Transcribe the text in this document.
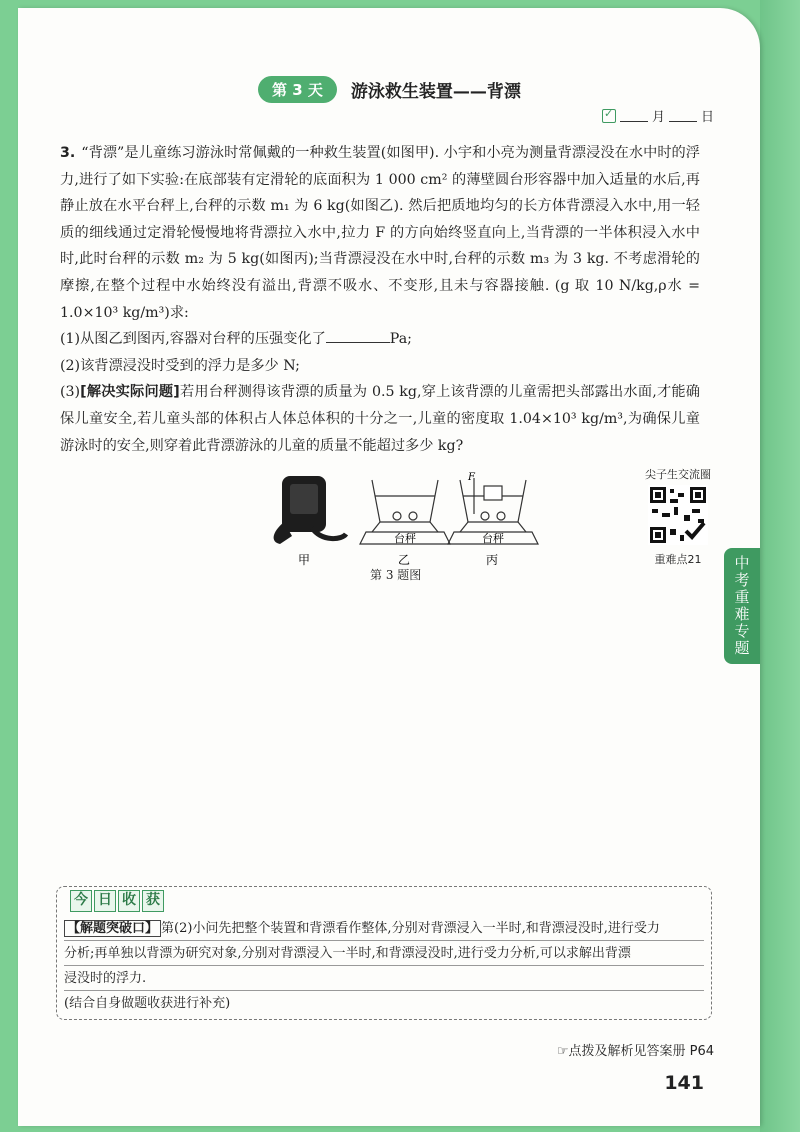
中考重难专题
第 3 天	游泳救生装置——背漂
✓
月	日
3. “背漂”是儿童练习游泳时常佩戴的一种救生装置(如图甲). 小宇和小亮为测量背漂浸没在水中时的浮力,进行了如下实验:在底部装有定滑轮的底面积为 1 000 cm² 的薄壁圆台形容器中加入适量的水后,再静止放在水平台秤上,台秤的示数 m₁ 为 6 kg(如图乙). 然后把质地均匀的长方体背漂浸入水中,用一轻质的细线通过定滑轮慢慢地将背漂拉入水中,拉力 F 的方向始终竖直向上,当背漂的一半体积浸入水中时,此时台秤的示数 m₂ 为 5 kg(如图丙);当背漂浸没在水中时,台秤的示数 m₃ 为 3 kg. 不考虑滑轮的摩擦,在整个过程中水始终没有溢出,背漂不吸水、不变形,且未与容器接触. (g 取 10 N/kg,ρ水 = 1.0×10³ kg/m³)求:
(1)从图乙到图丙,容器对台秤的压强变化了	Pa;
(2)该背漂浸没时受到的浮力是多少 N;
(3)[解决实际问题]若用台秤测得该背漂的质量为 0.5 kg,穿上该背漂的儿童需把头部露出水面,才能确保儿童安全,若儿童头部的体积占人体总体积的十分之一,儿童的密度取 1.04×10³ kg/m³,为确保儿童游泳时的安全,则穿着此背漂游泳的儿童的质量不能超过多少 kg?
F
台秤	台秤
甲	乙	丙
第 3 题图
尖子生交流圈
重难点21
今 日 收 获
【解题突破口】 第(2)小问先把整个装置和背漂看作整体,分别对背漂浸入一半时,和背漂浸没时,进行受力
分析;再单独以背漂为研究对象,分别对背漂浸入一半时,和背漂浸没时,进行受力分析,可以求解出背漂
浸没时的浮力.
(结合自身做题收获进行补充)
☞点拨及解析见答案册 P64
141
